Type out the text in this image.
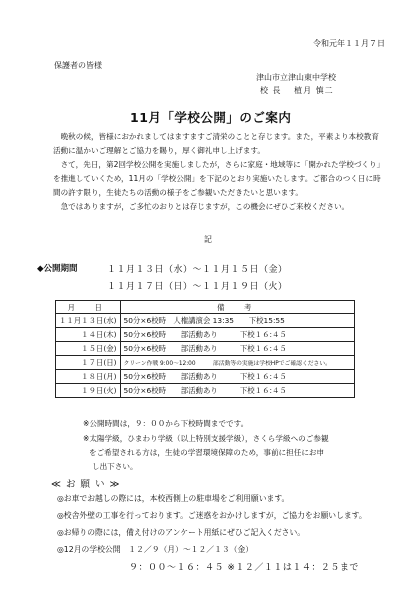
令和元年１１月７日
保護者の皆様
津山市立津山東中学校
校 長　 植月 慎二
11月「学校公開」のご案内

晩秋の候，皆様におかれましてはますますご清栄のことと存じます。また，平素より本校教育活動に温かいご理解とご協力を賜り，厚く御礼申し上げます。

さて，先日，第2回学校公開を実施しましたが，さらに家庭・地域等に「開かれた学校づくり」を推進していくため，11月の「学校公開」を下記のとおり実施いたします。ご都合のつく日に時間の許す限り，生徒たちの活動の様子をご参観いただきたいと思います。

急ではありますが，ご多忙のおりとは存じますが，この機会にぜひご来校ください。

記
◆公開期間	１１月１３日（水）～１１月１５日（金）
１１月１７日（日）～１１月１９日（火）
月　日	備　考
１１月１３日(水)	50分×6校時　人権講演会 13:35　　下校15:55
１４日(木)	50分×6校時　　部活動あり　　　下校１６:４５
１５日(金)	50分×6校時　　部活動あり　　　下校１６:４５
１７日(日)	クリーン作戦 9:00～12:00　　　部活動等の実施は学校HPでご確認ください。
１８日(月)	50分×6校時　　部活動あり　　　下校１６:４５
１９日(火)	50分×6校時　　部活動あり　　　下校１６:４５
※公開時間は，９：００から下校時間までです。
※太陽学級，ひまわり学級（以上特別支援学級），さくら学級へのご参観
をご希望される方は，生徒の学習環境保障のため，事前に担任にお申
し出下さい。
≪ お 願 い ≫
◎お車でお越しの際には，本校西側上の駐車場をご利用願います。
◎校舎外壁の工事を行っております。ご迷惑をおかけしますが，ご協力をお願いします。
◎お帰りの際には，備え付けのアンケート用紙にぜひご記入ください。
◎12月の学校公開　１２／９（月）～１２／１３（金）
９：００～１６：４５ ※１２／１１は１４：２５まで
